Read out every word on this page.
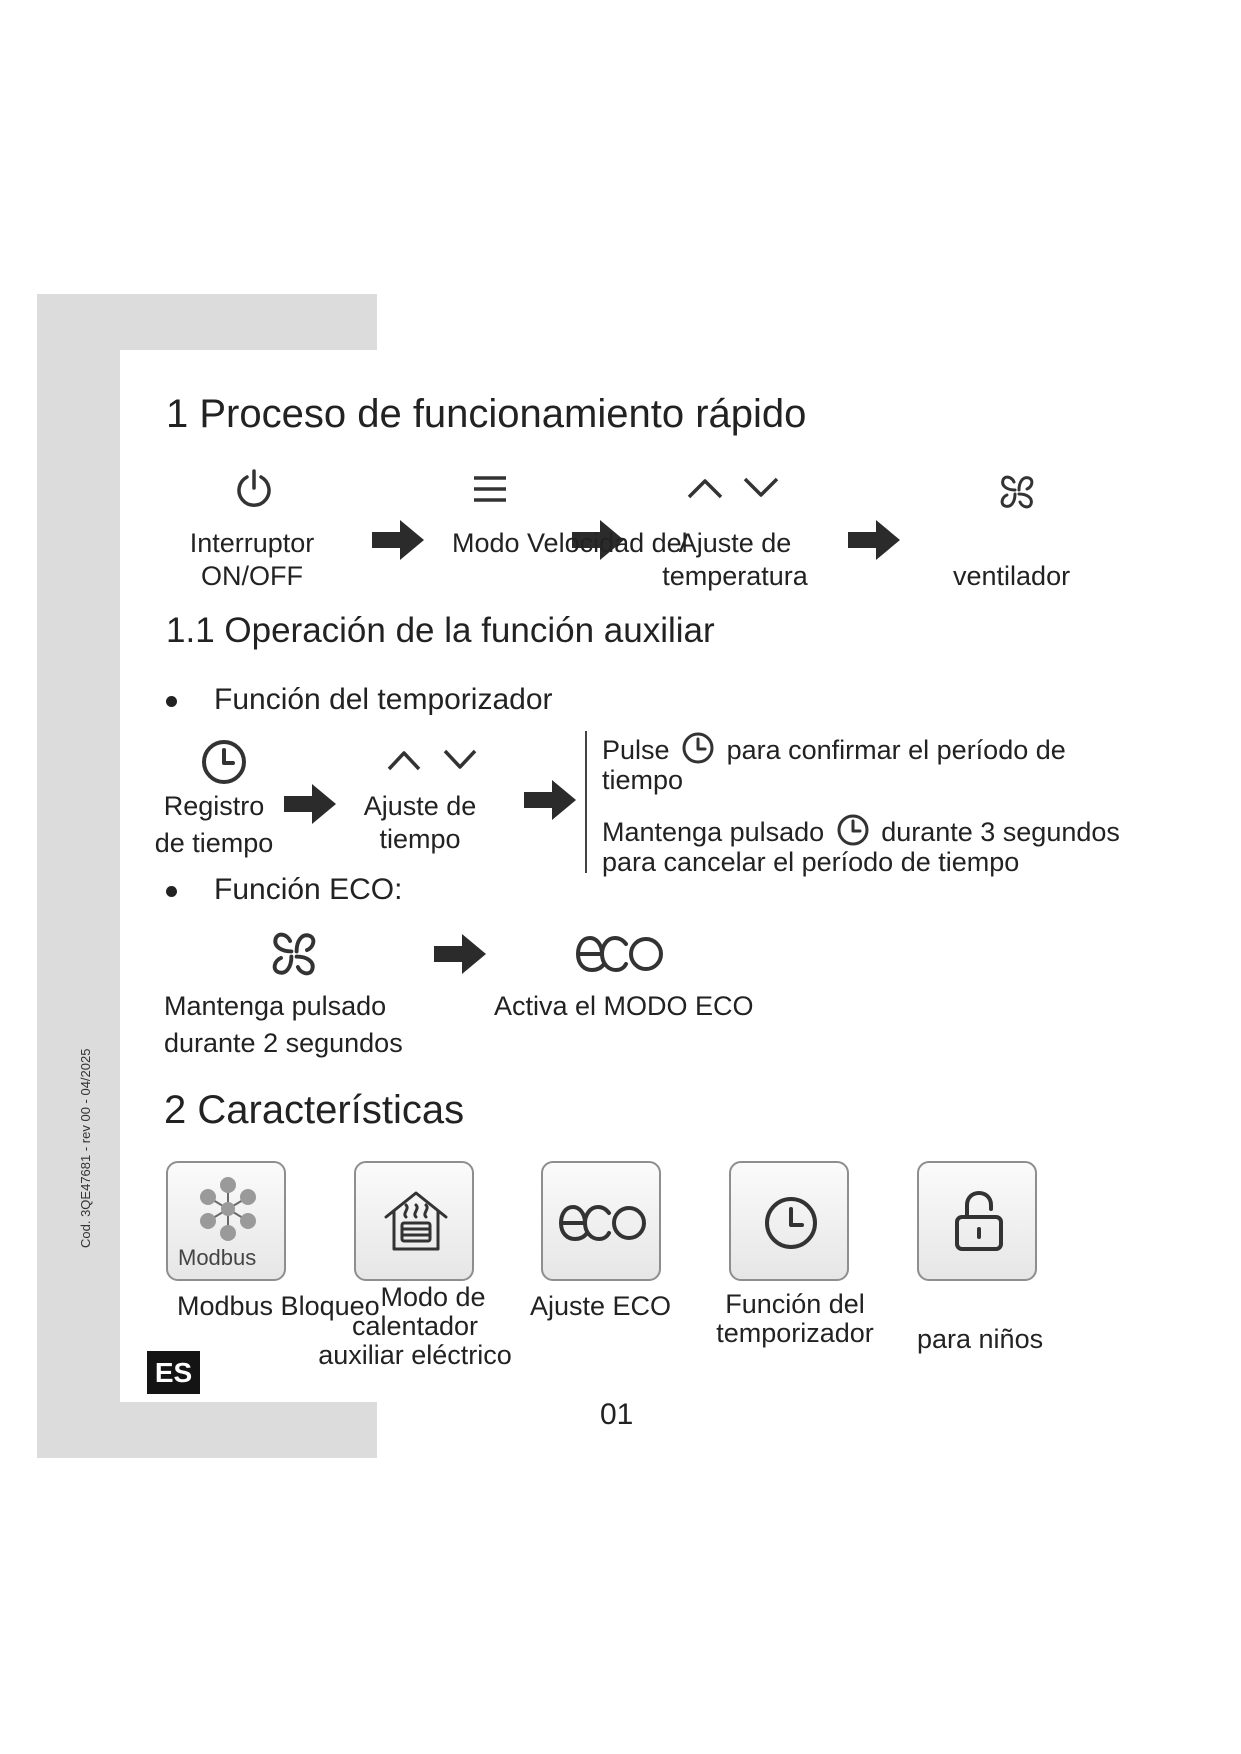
Cod. 3QE47681 - rev 00 - 04/2025
1 Proceso de funcionamiento rápido
Interruptor
ON/OFF
Modo Velocidad del
Ajuste de
temperatura	ventilador
1.1 Operación de la función auxiliar
Función del temporizador
Registro
de tiempo
Ajuste de
tiempo
Pulse para confirmar el período de
tiempo
Mantenga pulsado durante 3 segundos
para cancelar el período de tiempo
Función ECO:
Mantenga pulsado
durante 2 segundos
Activa el MODO ECO
2 Características
Modbus
Modbus Bloqueo Modo de
calentador
auxiliar eléctrico
Ajuste ECO	Función del
temporizador	para niños
ES
01
